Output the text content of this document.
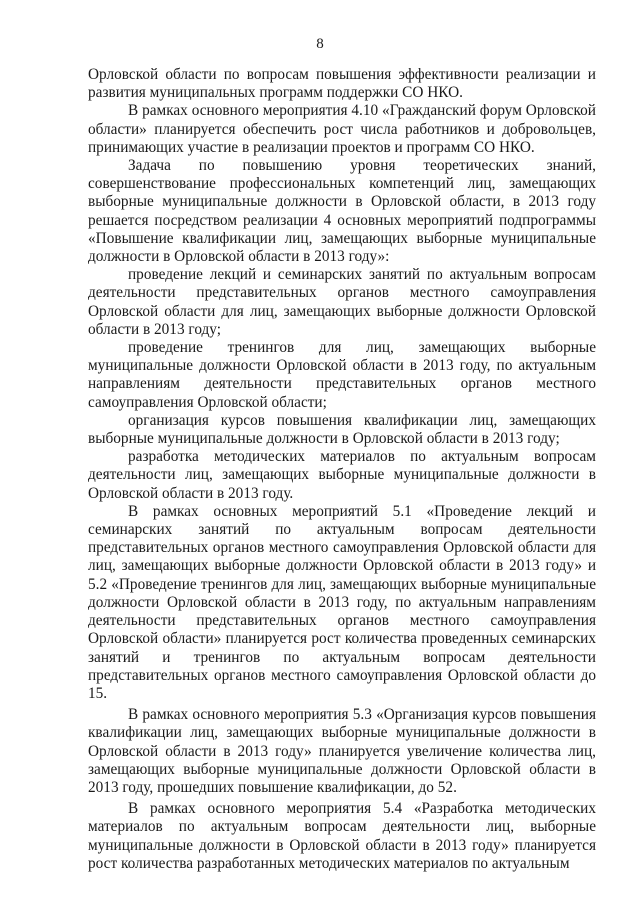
8

Орловской области по вопросам повышения эффективности реализации и развития муниципальных программ поддержки СО НКО.

В рамках основного мероприятия 4.10 «Гражданский форум Орловской области» планируется обеспечить рост числа работников и добровольцев, принимающих участие в реализации проектов и программ СО НКО.

Задача по повышению уровня теоретических знаний, совершенствование профессиональных компетенций лиц, замещающих выборные муниципальные должности в Орловской области, в 2013 году решается посредством реализации 4 основных мероприятий подпрограммы «Повышение квалификации лиц, замещающих выборные муниципальные должности в Орловской области в 2013 году»:

проведение лекций и семинарских занятий по актуальным вопросам деятельности представительных органов местного самоуправления Орловской области для лиц, замещающих выборные должности Орловской области в 2013 году;

проведение тренингов для лиц, замещающих выборные муниципальные должности Орловской области в 2013 году, по актуальным направлениям деятельности представительных органов местного самоуправления Орловской области;

организация курсов повышения квалификации лиц, замещающих выборные муниципальные должности в Орловской области в 2013 году;

разработка методических материалов по актуальным вопросам деятельности лиц, замещающих выборные муниципальные должности в Орловской области в 2013 году.

В рамках основных мероприятий 5.1 «Проведение лекций и семинарских занятий по актуальным вопросам деятельности представительных органов местного самоуправления Орловской области для лиц, замещающих выборные должности Орловской области в 2013 году» и 5.2 «Проведение тренингов для лиц, замещающих выборные муниципальные должности Орловской области в 2013 году, по актуальным направлениям деятельности представительных органов местного самоуправления Орловской области» планируется рост количества проведенных семинарских занятий и тренингов по актуальным вопросам деятельности представительных органов местного самоуправления Орловской области до 15.

В рамках основного мероприятия 5.3 «Организация курсов повышения квалификации лиц, замещающих выборные муниципальные должности в Орловской области в 2013 году» планируется увеличение количества лиц, замещающих выборные муниципальные должности Орловской области в 2013 году, прошедших повышение квалификации, до 52.

В рамках основного мероприятия 5.4 «Разработка методических материалов по актуальным вопросам деятельности лиц, выборные муниципальные должности в Орловской области в 2013 году» планируется рост количества разработанных методических материалов по актуальным
